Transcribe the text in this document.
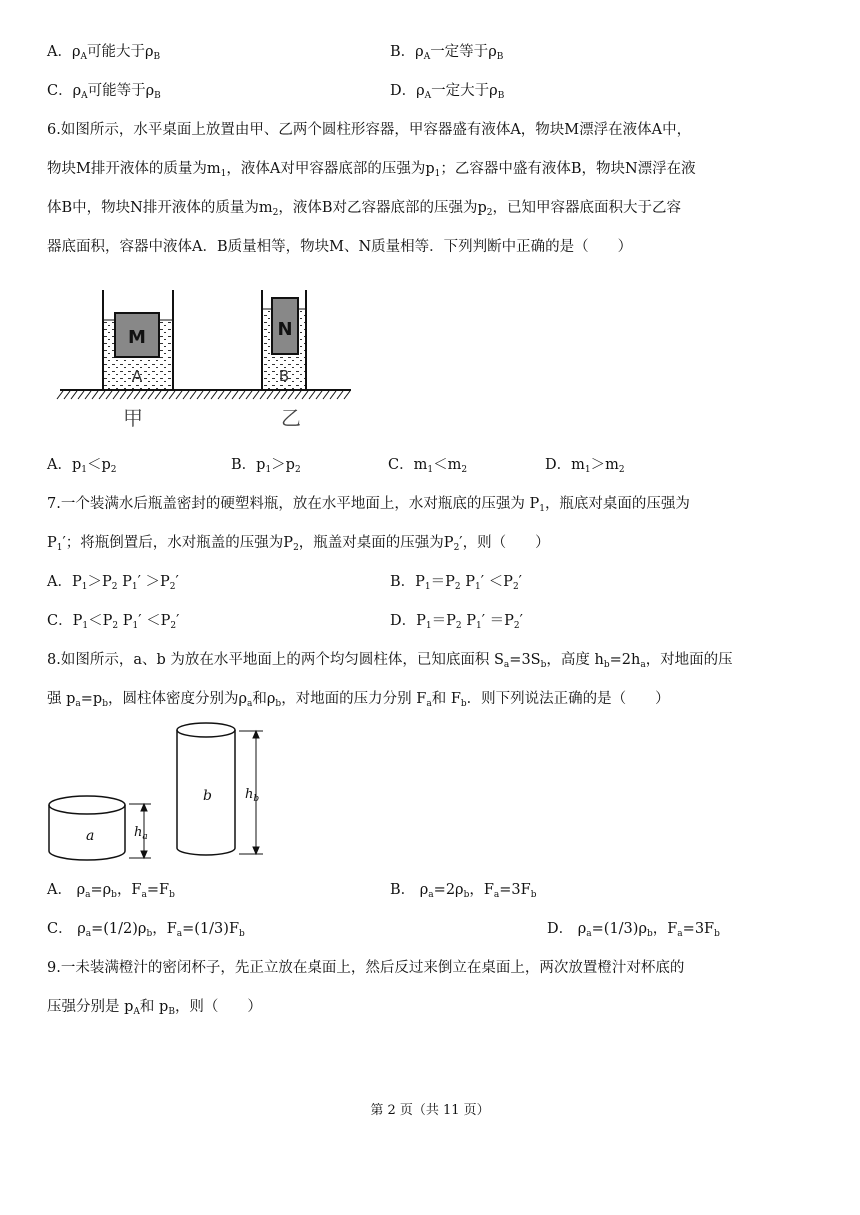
A．$\rho_A$可能大于$\rho_B$	B．$\rho_A$一定等于$\rho_B$
C．$\rho_A$可能等于$\rho_B$	D．$\rho_A$一定大于$\rho_B$
6.如图所示，水平桌面上放置由甲、乙两个圆柱形容器，甲容器盛有液体A，物块M漂浮在液体A中，
物块M排开液体的质量为$m_1$，液体A对甲容器底部的压强为$p_1$；乙容器中盛有液体B，物块N漂浮在液
体B中，物块N排开液体的质量为$m_2$，液体B对乙容器底部的压强为$p_2$，已知甲容器底面积大于乙容
器底面积，容器中液体A．B质量相等，物块M、N质量相等．下列判断中正确的是（　　）
M
A
N
B
甲	乙
A．$p_1<p_2$	B．$p_1>p_2$	C．$m_1<m_2$	D．$m_1>m_2$
7.一个装满水后瓶盖密封的硬塑料瓶，放在水平地面上，水对瓶底的压强为 $P_1$，瓶底对桌面的压强为
$P_1'$；将瓶倒置后，水对瓶盖的压强为$P_2$，瓶盖对桌面的压强为$P_2'$，则（　　）
A．$P_1>P_2$ $P_1' >P_2'$	B．$P_1=P_2$ $P_1' <P_2'$
C．$P_1<P_2$ $P_1' <P_2'$	D．$P_1=P_2$ $P_1' =P_2'$
8.如图所示，a、b 为放在水平地面上的两个均匀圆柱体，已知底面积 $S_a=3S_b$，高度 $h_b=2h_a$，对地面的压
强 $p_a=p_b$，圆柱体密度分别为$\rho_a$和$\rho_b$，对地面的压力分别 $F_a$和 $F_b$．则下列说法正确的是（　　）
a	$h_a$
b	$h_b$
A． $\rho_a=\rho_b$，$F_a=F_b$	B． $\rho_a=2\rho_b$，$F_a=3F_b$
C． $\rho_a=(1/2)\rho_b$，$F_a=(1/3)F_b$	D． $\rho_a=(1/3)\rho_b$，$F_a=3F_b$
9.一未装满橙汁的密闭杯子，先正立放在桌面上，然后反过来倒立在桌面上，两次放置橙汁对杯底的
压强分别是 $p_A$和 $p_B$，则（　　）
第 2 页（共 11 页）
